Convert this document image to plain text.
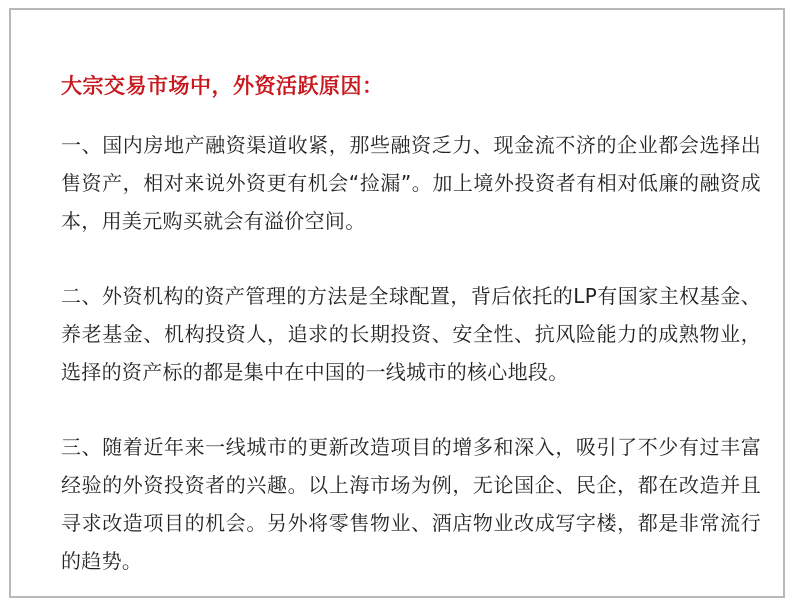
大宗交易市场中，外资活跃原因：

一、国内房地产融资渠道收紧，那些融资乏力、现金流不济的企业都会选择出售资产，相对来说外资更有机会“捡漏”。加上境外投资者有相对低廉的融资成本，用美元购买就会有溢价空间。

二、外资机构的资产管理的方法是全球配置，背后依托的LP有国家主权基金、养老基金、机构投资人，追求的长期投资、安全性、抗风险能力的成熟物业，选择的资产标的都是集中在中国的一线城市的核心地段。

三、随着近年来一线城市的更新改造项目的增多和深入，吸引了不少有过丰富经验的外资投资者的兴趣。以上海市场为例，无论国企、民企，都在改造并且寻求改造项目的机会。另外将零售物业、酒店物业改成写字楼，都是非常流行的趋势。
